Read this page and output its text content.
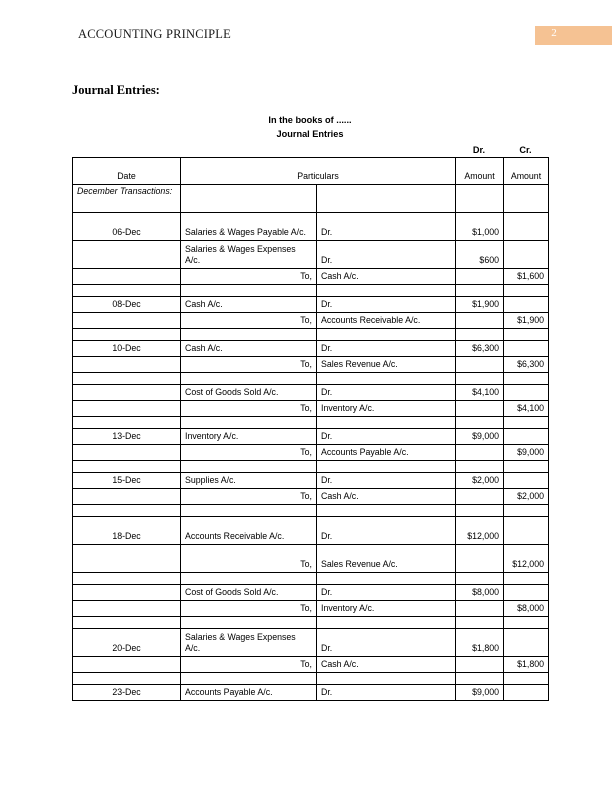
ACCOUNTING PRINCIPLE	2
Journal Entries:
In the books of ......
Journal Entries
Dr.	Cr.
Date	Particulars		Amount	Amount
December Transactions:				
06-Dec	Salaries & Wages Payable A/c.	Dr.	$1,000	
	Salaries & Wages Expenses A/c.	Dr.	$600	
	To,	Cash A/c.		$1,600

08-Dec	Cash A/c.	Dr.	$1,900	
	To,	Accounts Receivable A/c.		$1,900

10-Dec	Cash A/c.	Dr.	$6,300	
	To,	Sales Revenue A/c.		$6,300

	Cost of Goods Sold A/c.	Dr.	$4,100	
	To,	Inventory A/c.		$4,100

13-Dec	Inventory A/c.	Dr.	$9,000	
	To,	Accounts Payable A/c.		$9,000

15-Dec	Supplies A/c.	Dr.	$2,000	
	To,	Cash A/c.		$2,000

18-Dec	Accounts Receivable A/c.	Dr.	$12,000	
	To,	Sales Revenue A/c.		$12,000

	Cost of Goods Sold A/c.	Dr.	$8,000	
	To,	Inventory A/c.		$8,000

20-Dec	Salaries & Wages Expenses A/c.	Dr.	$1,800	
	To,	Cash A/c.		$1,800

23-Dec	Accounts Payable A/c.	Dr.	$9,000	
